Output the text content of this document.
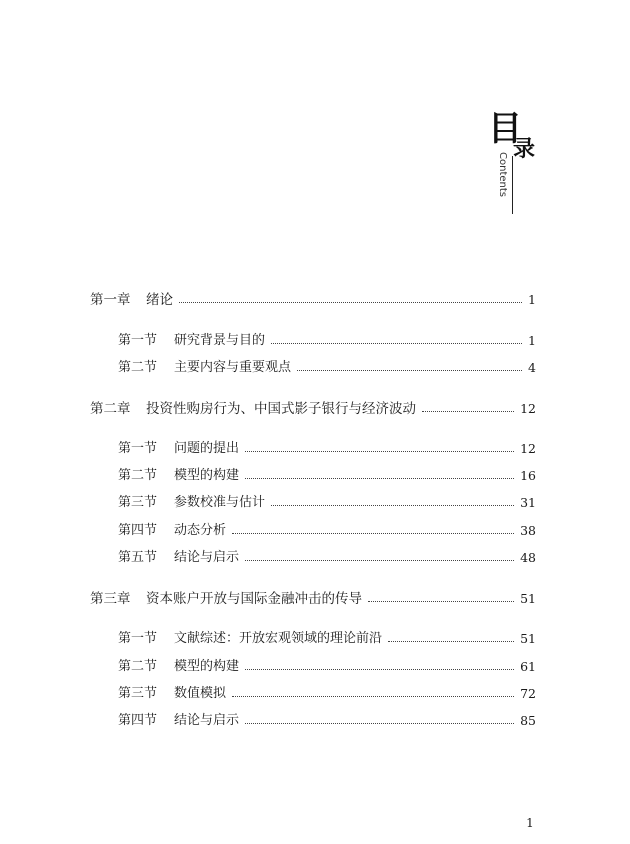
目
录
Contents
第一章	绪论	1
第一节	研究背景与目的	1
第二节	主要内容与重要观点	4
第二章	投资性购房行为、中国式影子银行与经济波动	12
第一节	问题的提出	12
第二节	模型的构建	16
第三节	参数校准与估计	31
第四节	动态分析	38
第五节	结论与启示	48
第三章	资本账户开放与国际金融冲击的传导	51
第一节	文献综述：开放宏观领域的理论前沿	51
第二节	模型的构建	61
第三节	数值模拟	72
第四节	结论与启示	85
1
